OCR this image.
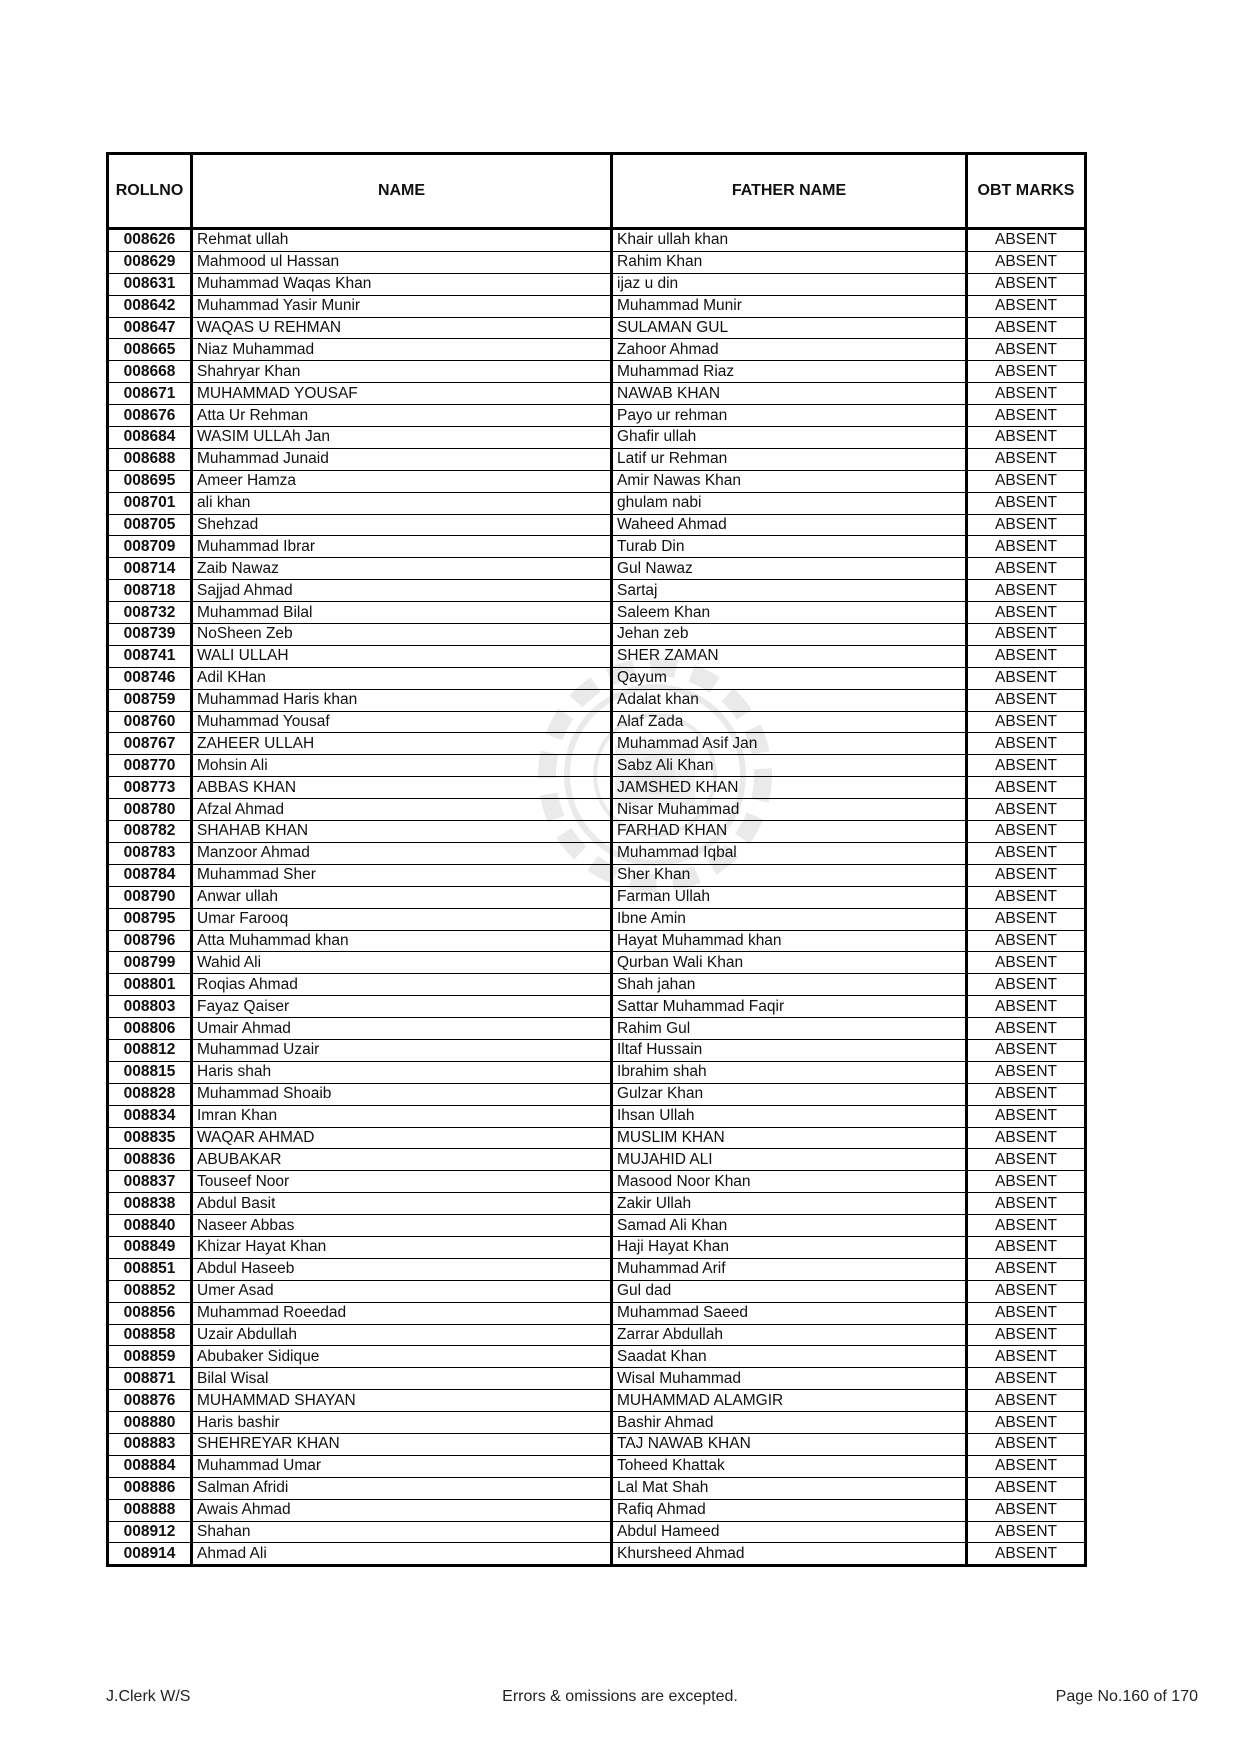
ROLLNO	NAME	FATHER NAME	OBT MARKS
008626	Rehmat ullah	Khair ullah khan	ABSENT
008629	Mahmood ul Hassan	Rahim Khan	ABSENT
008631	Muhammad Waqas Khan	ijaz u din	ABSENT
008642	Muhammad Yasir Munir	Muhammad Munir	ABSENT
008647	WAQAS U REHMAN	SULAMAN GUL	ABSENT
008665	Niaz Muhammad	Zahoor Ahmad	ABSENT
008668	Shahryar Khan	Muhammad Riaz	ABSENT
008671	MUHAMMAD YOUSAF	NAWAB KHAN	ABSENT
008676	Atta Ur Rehman	Payo ur rehman	ABSENT
008684	WASIM ULLAh Jan	Ghafir ullah	ABSENT
008688	Muhammad Junaid	Latif ur Rehman	ABSENT
008695	Ameer Hamza	Amir Nawas Khan	ABSENT
008701	ali khan	ghulam nabi	ABSENT
008705	Shehzad	Waheed Ahmad	ABSENT
008709	Muhammad Ibrar	Turab Din	ABSENT
008714	Zaib Nawaz	Gul Nawaz	ABSENT
008718	Sajjad Ahmad	Sartaj	ABSENT
008732	Muhammad Bilal	Saleem Khan	ABSENT
008739	NoSheen Zeb	Jehan zeb	ABSENT
008741	WALI ULLAH	SHER ZAMAN	ABSENT
008746	Adil KHan	Qayum	ABSENT
008759	Muhammad Haris khan	Adalat khan	ABSENT
008760	Muhammad Yousaf	Alaf Zada	ABSENT
008767	ZAHEER ULLAH	Muhammad Asif Jan	ABSENT
008770	Mohsin Ali	Sabz Ali Khan	ABSENT
008773	ABBAS KHAN	JAMSHED KHAN	ABSENT
008780	Afzal Ahmad	Nisar Muhammad	ABSENT
008782	SHAHAB KHAN	FARHAD KHAN	ABSENT
008783	Manzoor Ahmad	Muhammad Iqbal	ABSENT
008784	Muhammad Sher	Sher Khan	ABSENT
008790	Anwar ullah	Farman Ullah	ABSENT
008795	Umar Farooq	Ibne Amin	ABSENT
008796	Atta Muhammad khan	Hayat Muhammad khan	ABSENT
008799	Wahid Ali	Qurban Wali Khan	ABSENT
008801	Roqias Ahmad	Shah jahan	ABSENT
008803	Fayaz Qaiser	Sattar Muhammad Faqir	ABSENT
008806	Umair Ahmad	Rahim Gul	ABSENT
008812	Muhammad Uzair	Iltaf Hussain	ABSENT
008815	Haris shah	Ibrahim shah	ABSENT
008828	Muhammad Shoaib	Gulzar Khan	ABSENT
008834	Imran Khan	Ihsan Ullah	ABSENT
008835	WAQAR AHMAD	MUSLIM KHAN	ABSENT
008836	ABUBAKAR	MUJAHID ALI	ABSENT
008837	Touseef Noor	Masood Noor Khan	ABSENT
008838	Abdul Basit	Zakir Ullah	ABSENT
008840	Naseer Abbas	Samad Ali Khan	ABSENT
008849	Khizar Hayat Khan	Haji Hayat Khan	ABSENT
008851	Abdul Haseeb	Muhammad Arif	ABSENT
008852	Umer Asad	Gul dad	ABSENT
008856	Muhammad Roeedad	Muhammad Saeed	ABSENT
008858	Uzair Abdullah	Zarrar Abdullah	ABSENT
008859	Abubaker Sidique	Saadat Khan	ABSENT
008871	Bilal Wisal	Wisal Muhammad	ABSENT
008876	MUHAMMAD SHAYAN	MUHAMMAD ALAMGIR	ABSENT
008880	Haris bashir	Bashir Ahmad	ABSENT
008883	SHEHREYAR KHAN	TAJ NAWAB KHAN	ABSENT
008884	Muhammad Umar	Toheed Khattak	ABSENT
008886	Salman Afridi	Lal Mat Shah	ABSENT
008888	Awais Ahmad	Rafiq Ahmad	ABSENT
008912	Shahan	Abdul Hameed	ABSENT
008914	Ahmad Ali	Khursheed Ahmad	ABSENT
J.Clerk W/S	Errors & omissions are excepted.	Page No.160 of 170
